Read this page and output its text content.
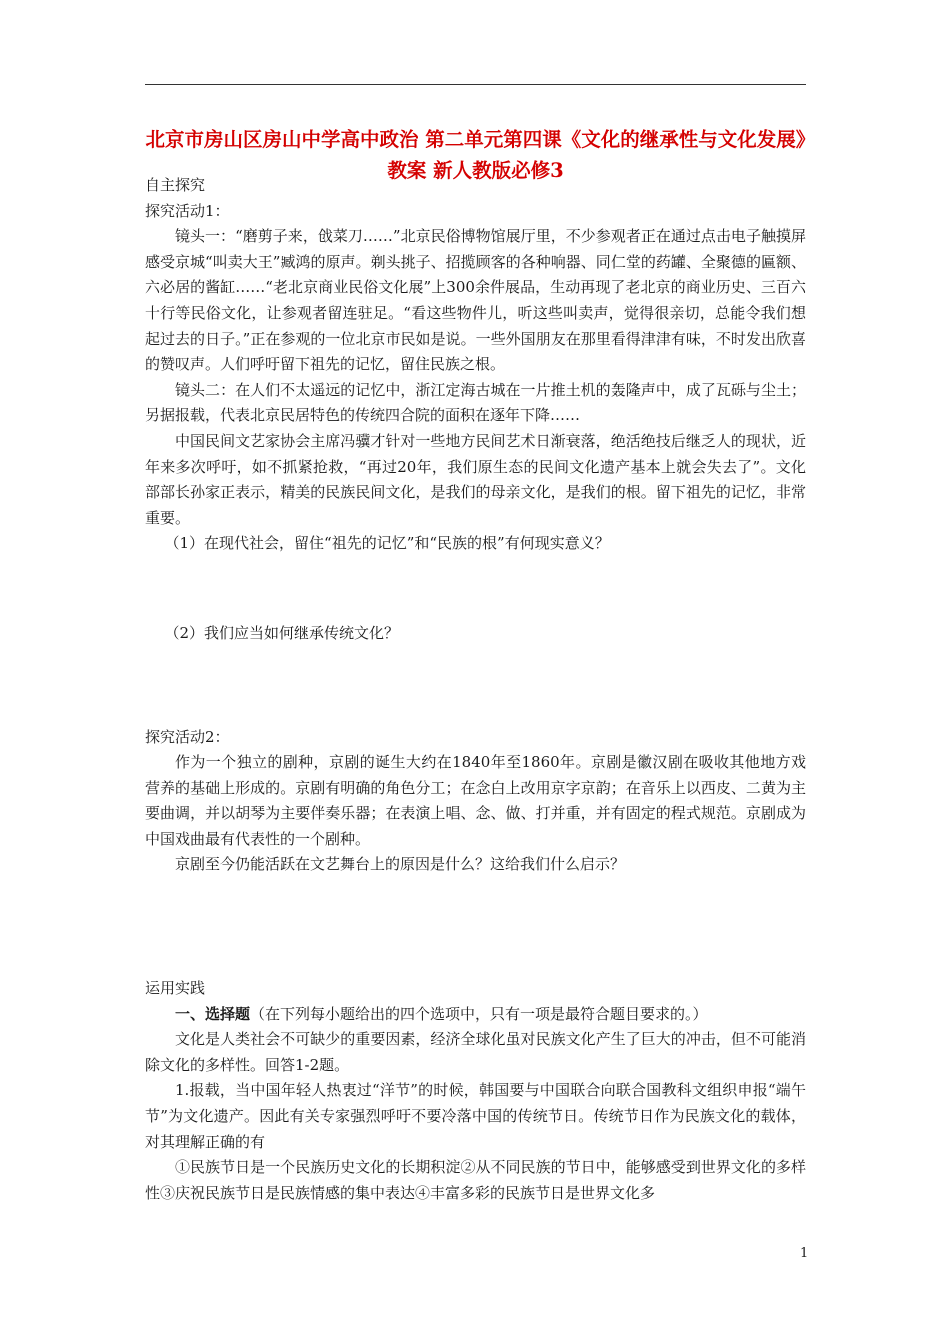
北京市房山区房山中学高中政治 第二单元第四课《文化的继承性与文化发展》教案 新人教版必修3

自主探究

探究活动1：

镜头一：“磨剪子来，戗菜刀……”北京民俗博物馆展厅里，不少参观者正在通过点击电子触摸屏感受京城“叫卖大王”臧鸿的原声。剃头挑子、招揽顾客的各种响器、同仁堂的药罐、全聚德的匾额、六必居的酱缸……“老北京商业民俗文化展”上300余件展品，生动再现了老北京的商业历史、三百六十行等民俗文化，让参观者留连驻足。“看这些物件儿，听这些叫卖声，觉得很亲切，总能令我们想起过去的日子。”正在参观的一位北京市民如是说。一些外国朋友在那里看得津津有味，不时发出欣喜的赞叹声。人们呼吁留下祖先的记忆，留住民族之根。

镜头二：在人们不太遥远的记忆中，浙江定海古城在一片推土机的轰隆声中，成了瓦砾与尘土；另据报载，代表北京民居特色的传统四合院的面积在逐年下降……

中国民间文艺家协会主席冯骥才针对一些地方民间艺术日渐衰落，绝活绝技后继乏人的现状，近年来多次呼吁，如不抓紧抢救，“再过20年，我们原生态的民间文化遗产基本上就会失去了”。文化部部长孙家正表示，精美的民族民间文化，是我们的母亲文化，是我们的根。留下祖先的记忆，非常重要。

（1）在现代社会，留住“祖先的记忆”和“民族的根”有何现实意义？

（2）我们应当如何继承传统文化？

探究活动2：

作为一个独立的剧种，京剧的诞生大约在1840年至1860年。京剧是徽汉剧在吸收其他地方戏营养的基础上形成的。京剧有明确的角色分工；在念白上改用京字京韵；在音乐上以西皮、二黄为主要曲调，并以胡琴为主要伴奏乐器；在表演上唱、念、做、打并重，并有固定的程式规范。京剧成为中国戏曲最有代表性的一个剧种。

京剧至今仍能活跃在文艺舞台上的原因是什么？这给我们什么启示？

运用实践

一、选择题（在下列每小题给出的四个选项中，只有一项是最符合题目要求的。）

文化是人类社会不可缺少的重要因素，经济全球化虽对民族文化产生了巨大的冲击，但不可能消除文化的多样性。回答1-2题。

1.报载，当中国年轻人热衷过“洋节”的时候，韩国要与中国联合向联合国教科文组织申报“端午节”为文化遗产。因此有关专家强烈呼吁不要冷落中国的传统节日。传统节日作为民族文化的载体，对其理解正确的有

①民族节日是一个民族历史文化的长期积淀②从不同民族的节日中，能够感受到世界文化的多样性③庆祝民族节日是民族情感的集中表达④丰富多彩的民族节日是世界文化多

1
